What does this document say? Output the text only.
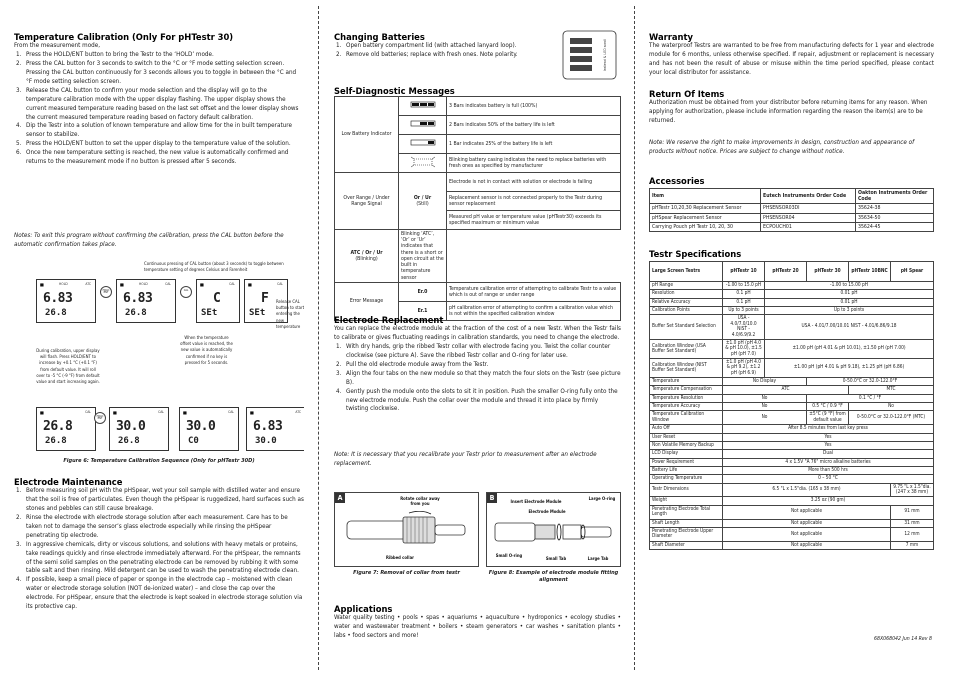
Temperature Calibration (Only For pHTestr 30)

From the measurement mode,

1. Press the HOLD/ENT button to bring the Testr to the ‘HOLD’ mode.
2. Press the CAL button for 3 seconds to switch to the °C or °F mode setting selection screen. Pressing the CAL button continuously for 3 seconds allows you to toggle in between the °C and °F mode setting selection screen.
3. Release the CAL button to confirm your mode selection and the display will go to the temperature calibration mode with the upper display flashing. The upper display shows the current measured temperature reading based on the last set offset and the lower display shows the current measured temperature reading based on factory default calibration.
4. Dip the Testr into a solution of known temperature and allow time for the in built temperature sensor to stabilize.
5. Press the HOLD/ENT button to set the upper display to the temperature value of the solution.
6. Once the new temperature setting is reached, the new value is automatically confirmed and returns to the measurement mode if no button is pressed after 5 seconds.
Notes: To exit this program without confirming the calibration, press the CAL button before the automatic confirmation takes place.
Continuous pressing of CAL button (about 3 seconds) to toggle between temperature setting of degrees Celsius and Farenheit
▮▮▮	HOLD	ATC
6.83
26.8
HOLD ENT
▮▮▮	HOLD	CAL
6.83
26.8
CAL
▮▮▮	CAL
C
SEt
▮▮▮	CAL
F
SEt
Release CAL button to start entering the new temperature
During calibration, upper display will flash. Press HOLD/ENT to increase by +0.1 °C (+0.1 °F) from default value. It will roll over to -5 °C (-9 °F) from default value and start increasing again.
When the temperature offset value is reached, the new value is automatically confirmed if no key is pressed for 5 seconds.
▮▮▮	CAL
26.8
26.8
HOLD ENT
▮▮▮	CAL
30.0
26.8
▮▮▮	CAL
30.0
C0
▮▮▮	ATC
6.83
30.0
Figure 6: Temperature Calibration Sequence (Only for pHTestr 30D)
Electrode Maintenance
1. Before measuring soil pH with the pHSpear, wet your soil sample with distilled water and ensure that the soil is free of particulates. Even though the pHSpear is ruggedized, hard surfaces such as stones and pebbles can still cause breakage.
2. Rinse the electrode with electrode storage solution after each measurement. Care has to be taken not to damage the sensor’s glass electrode especially while rinsing the pHSpear penetrating tip electrode.
3. In aggressive chemicals, dirty or viscous solutions, and solutions with heavy metals or proteins, take readings quickly and rinse electrode immediately afterward. For the pHSpear, the remnants of the semi solid samples on the penetrating electrode can be removed by rubbing it with some table salt and then rinsing. Mild detergent can be used to wash the penetrating electrode clean.
4. If possible, keep a small piece of paper or sponge in the electrode cap – moistened with clean water or electrode storage solution (NOT de-ionized water) – and close the cap over the electrode. For pHSpear, ensure that the electrode is kept soaked in electrode storage solution via its protective cap.
Changing Batteries
1. Open battery compartment lid (with attached lanyard loop).
2. Remove old batteries; replace with fresh ones. Note polarity.	Instead & LED scroll
Self-Diagnostic Messages
Low Battery Indicator		3 Bars indicates battery is full (100%)
	2 Bars indicates 50% of the battery life is left
	1 Bar indicates 25% of the battery life is left
	Blinking battery casing indicates the need to replace batteries with fresh ones as specified by manufacturer
Over Range / Under Range Signal	Or / Ur
(Still)	Electrode is not in contact with solution or electrode is failing
		Replacement sensor is not connected properly to the Testr during sensor replacement
		Measured pH value or temperature value (pHTestr30) exceeds its specified maximum or minimum value
ATC / Or / Ur
(Blinking)	Blinking ‘ATC’, ‘Or’ or ‘Ur’ indicates that there is a short or open circuit at the built in temperature sensor	
Error Message	Er.0	Temperature calibration error of attempting to calibrate Testr to a value which is out of range or under range
	Er.1	pH calibration error of attempting to confirm a calibration value which is not within the specified calibration window
Electrode Replacement

You can replace the electrode module at the fraction of the cost of a new Testr. When the Testr fails to calibrate or gives fluctuating readings in calibration standards, you need to change the electrode.

1. With dry hands, grip the ribbed Testr collar with electrode facing you. Twist the collar counter clockwise (see picture A). Save the ribbed Testr collar and O-ring for later use.
2. Pull the old electrode module away from the Testr.
3. Align the four tabs on the new module so that they match the four slots on the Testr (see picture B).
4. Gently push the module onto the slots to sit it in position. Push the smaller O-ring fully onto the new electrode module. Push the collar over the module and thread it into place by firmly twisting clockwise.
Note: It is necessary that you recalibrate your Testr prior to measurement after an electrode replacement.
A	Rotate collar away from you
Ribbed collar
Figure 7: Removal of collar from testr
B	Insert Electrode Module
Electrode Module
Large O-ring
Small O-ring
Small Tab	Large Tab
Figure 8: Example of electrode module fitting alignment
Applications
Water quality testing • pools • spas • aquariums • aquaculture • hydroponics • ecology studies • water and wastewater treatment • boilers • steam generators • car washes • sanitation plants • labs • food sectors and more!
Warranty
The waterproof Testrs are warranted to be free from manufacturing defects for 1 year and electrode module for 6 months, unless otherwise specified. If repair, adjustment or replacement is necessary and has not been the result of abuse or misuse within the time period specified, please contact your local distributor for assistance.
Return Of Items
Authorization must be obtained from your distributor before returning items for any reason. When applying for authorization, please include information regarding the reason the item(s) are to be returned.
Note: We reserve the right to make improvements in design, construction and appearance of products without notice. Prices are subject to change without notice.
Accessories
Item	Eutech Instruments Order Code	Oakton Instruments Order Code
pHTestr 10,20,30 Replacement Sensor	PHSENSOR03DI	35624-38
pHSpear Replacement Sensor	PHSENSOR04	35634-50
Carrying Pouch pH Testr 10, 20, 30	ECPOUCH01	35624-45
Testr Specifications
Large Screen Testrs	pHTestr 10	pHTestr 20	pHTestr 30	pHTestr 10BNC	pH Spear
pH Range	-1.00 to 15.0 pH	-1.00 to 15.00 pH			
Resolution	0.1 pH	0.01 pH			
Relative Accuracy	0.1 pH	0.01 pH			
Calibration Points	Up to 3 points	Up to 3 points			
Buffer Set Standard Selection	USA - 4.0/7.0/10.0 NIST - 4.0/6.9/9.2	USA - 4.01/7.00/10.01 NIST - 4.01/6.86/9.18			
Calibration Window (USA Buffer Set Standard)	±1.0 pH (pH 4.0 & pH 10.0), ±1.5 pH (pH 7.0)	±1.00 pH (pH 4.01 & pH 10.01), ±1.50 pH (pH 7.00)			
Calibration Window (NIST Buffer Set Standard)	±1.0 pH (pH 4.0 & pH 9.2), ±1.2 pH (pH 6.9)	±1.00 pH (pH 4.01 & pH 9.18), ±1.25 pH (pH 6.86)			
Temperature	No Display		0-50.0°C or 32.0-122.0°F		
Temperature Compensation	ATC			MTC	
Temperature Resolution	No		0.1 °C / °F		
Temperature Accuracy	No		0.5 °C / 0.9 °F	No	
Temperature Calibration Window	No		±5°C (9 °F) from default value	0-50.0°C or 32.0-122.0°F (MTC)	
Auto Off	After 8.5 minutes from last key press				
User Reset	Yes				
Non Volatile Memory Backup	Yes				
LCD Display	Dual				
Power Requirement	4 x 1.5V "A 76" micro alkaline batteries				
Battery Life	More than 500 hrs				
Operating Temperature	0 – 50 °C				
Testr Dimensions	6.5 "L x 1.5"dia. (165 x 38 mm)				9.75 "L x 1.5"dia. (247 x 38 mm)
Weight	3.25 oz (90 gm)				
Penetrating Electrode Total Length	Not applicable				91 mm
Shaft Length	Not applicable				31 mm
Penetrating Electrode Upper Diameter	Not applicable				12 mm
Shaft Diameter	Not applicable				7 mm
68X068042 Jun 14 Rev 8
